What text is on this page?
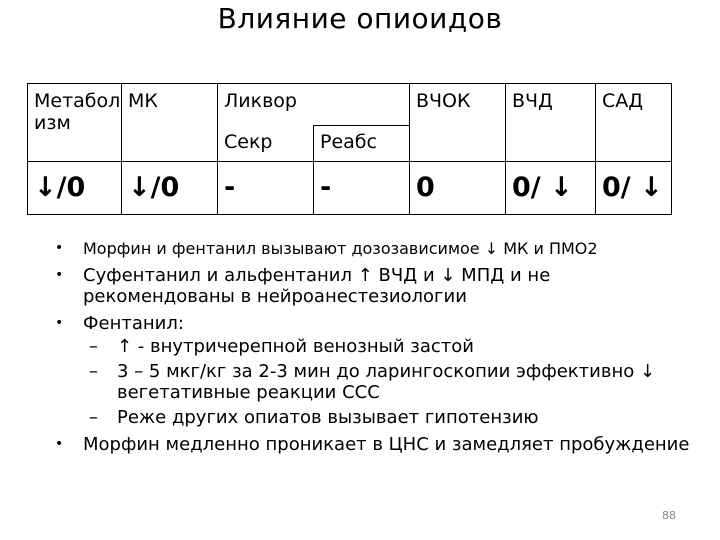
Влияние опиоидов
Метабол изм	МК	Ликвор		ВЧОК	ВЧД	САД
		Секр	Реабс			
↓/0	↓/0	-	-	0	0/ ↓	0/ ↓
• Морфин и фентанил вызывают дозозависимое ↓ МК и ПМО2
• Суфентанил и альфентанил ↑ ВЧД и ↓ МПД и не рекомендованы в нейроанестезиологии
• Фентанил:
– ↑ - внутричерепной венозный застой
– 3 – 5 мкг/кг за 2-3 мин до ларингоскопии эффективно ↓ вегетативные реакции ССС
– Реже других опиатов вызывает гипотензию
• Морфин медленно проникает в ЦНС и замедляет пробуждение
88
